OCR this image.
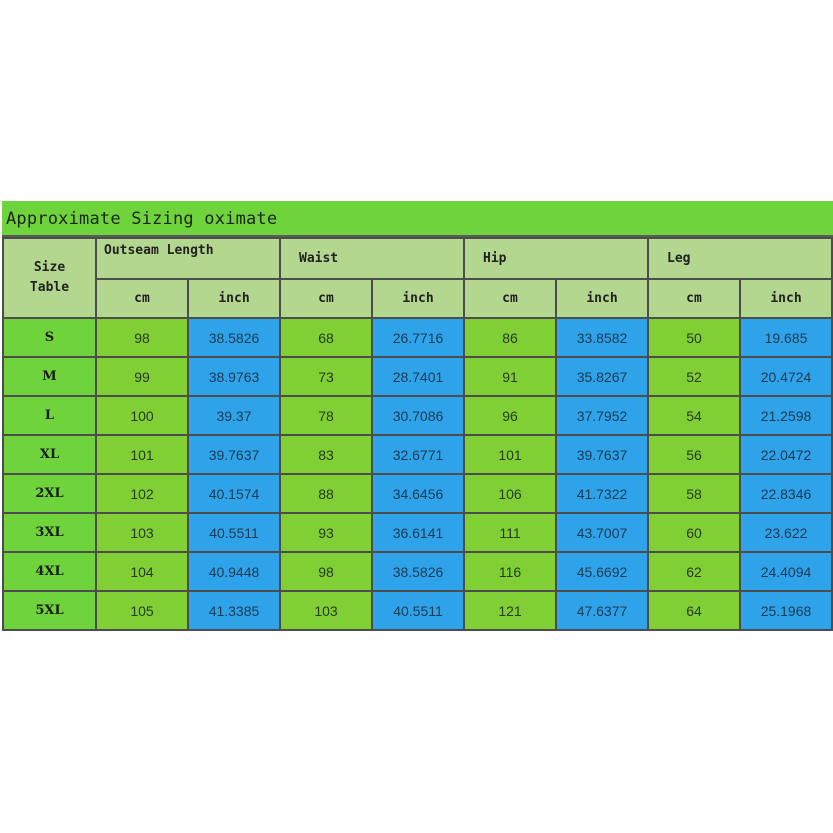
Approximate Sizing oximate
Size
Table	Outseam Length		Waist		Hip		Leg	
	cm	inch	cm	inch	cm	inch	cm	inch
S	98	38.5826	68	26.7716	86	33.8582	50	19.685
M	99	38.9763	73	28.7401	91	35.8267	52	20.4724
L	100	39.37	78	30.7086	96	37.7952	54	21.2598
XL	101	39.7637	83	32.6771	101	39.7637	56	22.0472
2XL	102	40.1574	88	34.6456	106	41.7322	58	22.8346
3XL	103	40.5511	93	36.6141	111	43.7007	60	23.622
4XL	104	40.9448	98	38.5826	116	45.6692	62	24.4094
5XL	105	41.3385	103	40.5511	121	47.6377	64	25.1968
